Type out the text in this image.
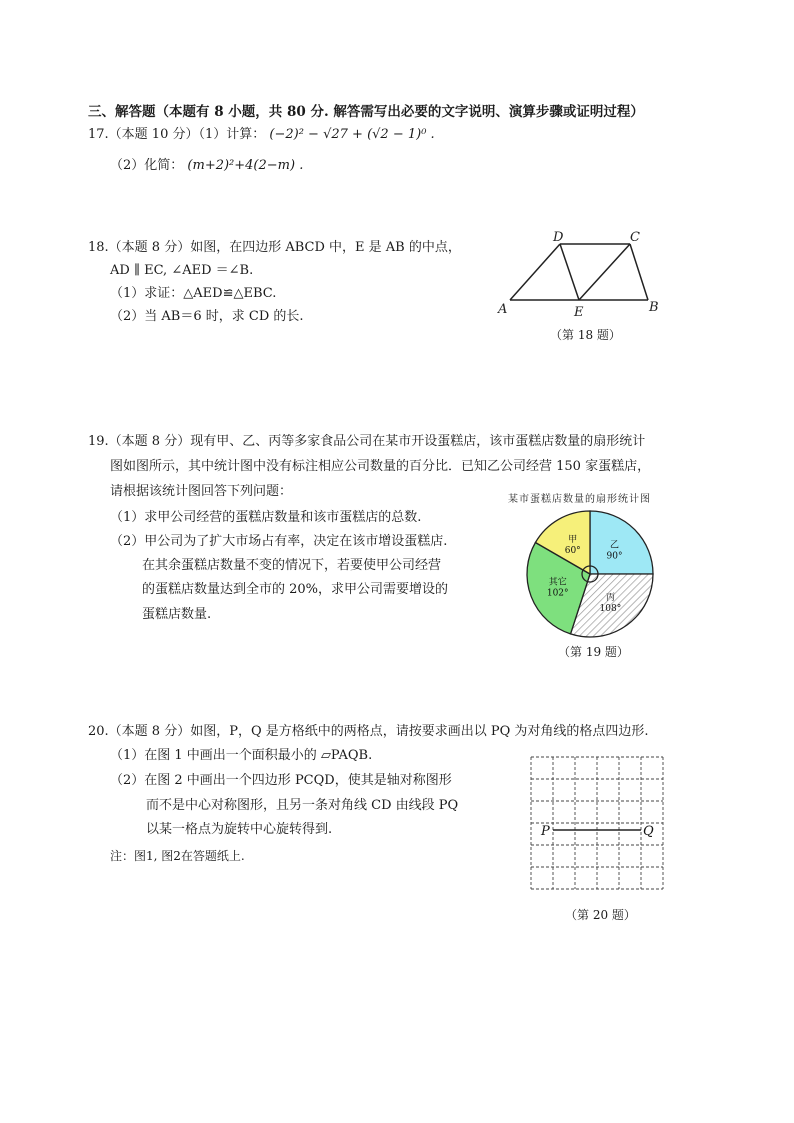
三、解答题（本题有 8 小题，共 80 分. 解答需写出必要的文字说明、演算步骤或证明过程）
17.（本题 10 分）（1）计算： (−2)² − √27 + (√2 − 1)⁰ .
（2）化简： (m+2)²+4(2−m) .
18.（本题 8 分）如图，在四边形 ABCD 中，E 是 AB 的中点，
AD ∥ EC, ∠AED ＝∠B.
（1）求证：△AED≌△EBC.
（2）当 AB＝6 时，求 CD 的长.	A	B
C
D
E
（第 18 题）
19.（本题 8 分）现有甲、乙、丙等多家食品公司在某市开设蛋糕店，该市蛋糕店数量的扇形统计
图如图所示，其中统计图中没有标注相应公司数量的百分比．已知乙公司经营 150 家蛋糕店，
请根据该统计图回答下列问题：
（1）求甲公司经营的蛋糕店数量和该市蛋糕店的总数.
（2）甲公司为了扩大市场占有率，决定在该市增设蛋糕店.
在其余蛋糕店数量不变的情况下，若要使甲公司经营
的蛋糕店数量达到全市的 20%，求甲公司需要增设的
蛋糕店数量.
某市蛋糕店数量的扇形统计图
乙
90°
丙
108°
其它
102°
甲
60°
（第 19 题）
20.（本题 8 分）如图，P，Q 是方格纸中的两格点，请按要求画出以 PQ 为对角线的格点四边形.
（1）在图 1 中画出一个面积最小的 ▱PAQB.
（2）在图 2 中画出一个四边形 PCQD，使其是轴对称图形
而不是中心对称图形，且另一条对角线 CD 由线段 PQ
以某一格点为旋转中心旋转得到.
注：图1, 图2在答题纸上.
P	Q
（第 20 题）
